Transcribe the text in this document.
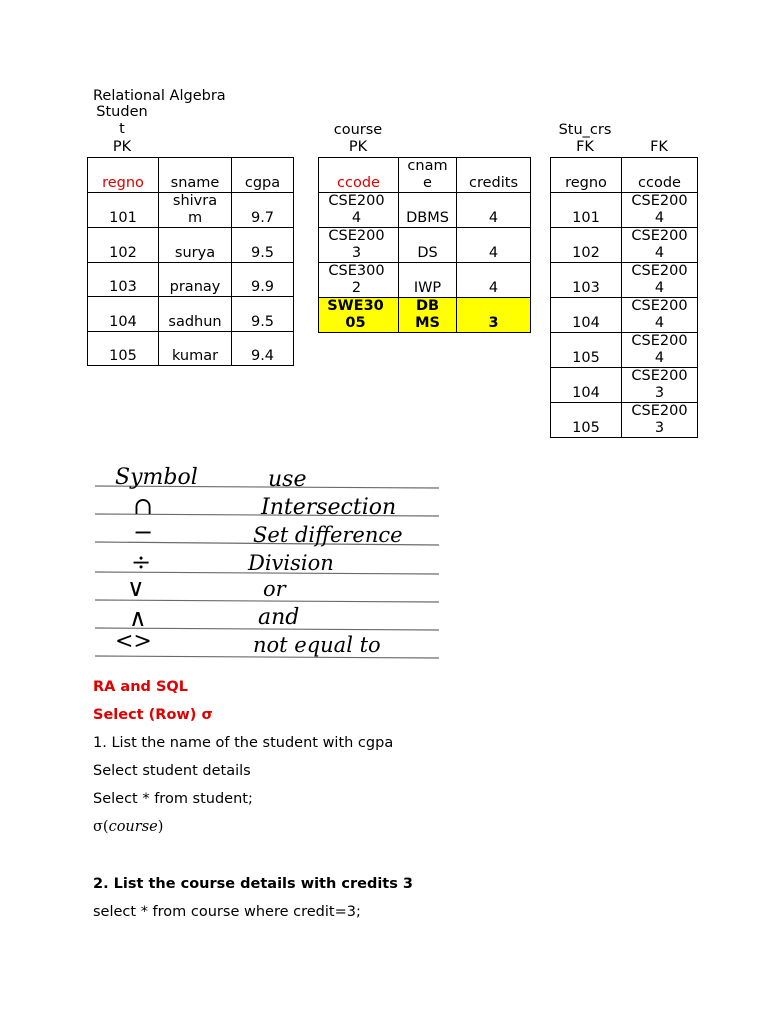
Relational Algebra
Studen t
PK
course
PK
Stu_crs
FK	FK
regno	sname	cgpa
101	shivram	9.7
102	surya	9.5
103	pranay	9.9
104	sadhun	9.5
105	kumar	9.4
ccode	cname	credits
CSE2004	DBMS	4
CSE2003	DS	4
CSE3002	IWP	4
SWE3005	DBMS	3
regno	ccode
101	CSE2004
102	CSE2004
103	CSE2004
104	CSE2004
105	CSE2004
104	CSE2003
105	CSE2003
Symbol	use
∩	Intersection
−	Set difference
÷	Division
∨	or
∧	and
<>	not equal to
RA and SQL
Select (Row) σ
1. List the name of the student with cgpa
Select student details
Select * from student;
σ(course)
2. List the course details with credits 3
select * from course where credit=3;
